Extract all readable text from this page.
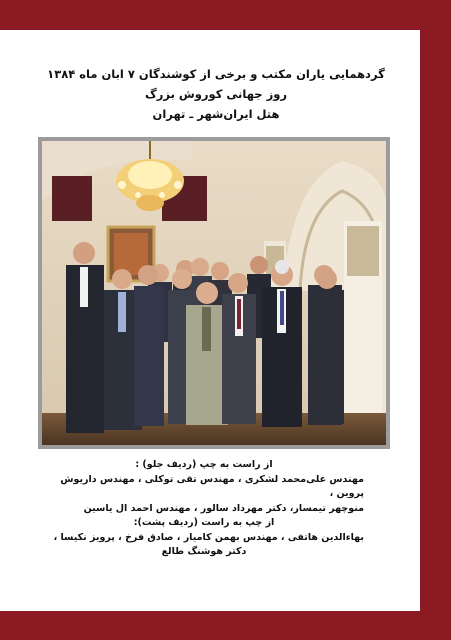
گردهمایی یاران مکتب و برخی از کوشندگان ۷ ابان ماه ۱۳۸۴
روز جهانی کوروش بزرگ
هتل ایران‌شهر ـ تهران
از راست به چپ (ردیف جلو) :
مهندس علی‌محمد لشکری ، مهندس تقی توکلی ، مهندس داریوش پروین ،
منوچهر تیمسار، دکتر مهرداد سالور ، مهندس احمد ال یاسین
از چپ به راست (ردیف پشت):
بهاءالدین هاتفی ، مهندس بهمن کامیار ، صادق فرخ ، پرویز نکیسا ،
دکتر هوشنگ طالع
